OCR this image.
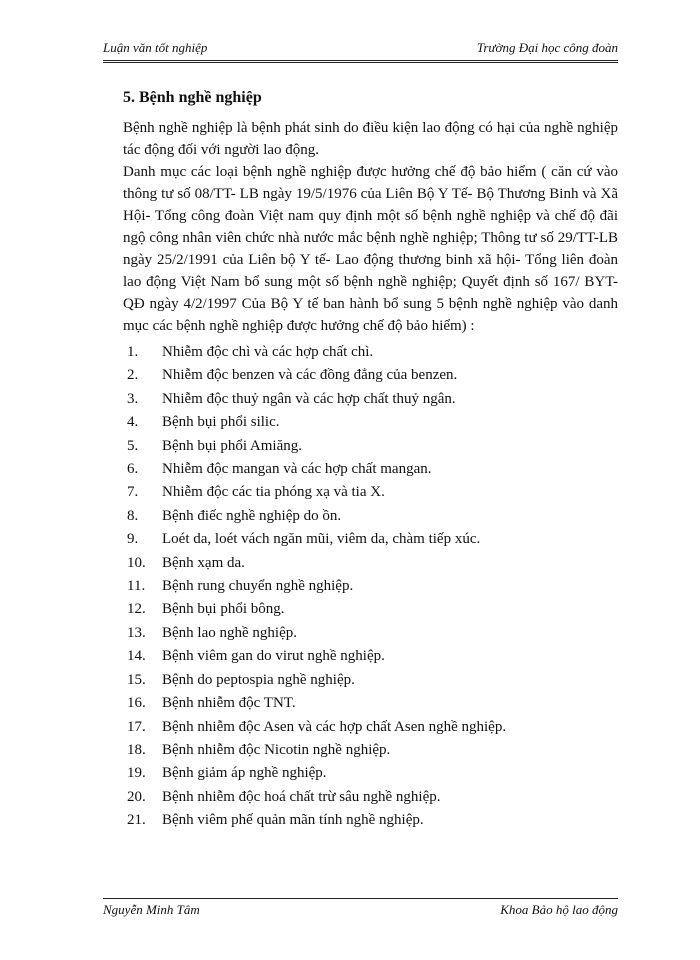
Luận văn tốt nghiệp	Trường Đại học công đoàn
5. Bệnh nghề nghiệp

Bệnh nghề nghiệp là bệnh phát sinh do điều kiện lao động có hại của nghề nghiệp tác động đối với người lao động.

Danh mục các loại bệnh nghề nghiệp được hưởng chế độ bảo hiểm ( căn cứ vào thông tư số 08/TT- LB ngày 19/5/1976 của Liên Bộ Y Tế- Bộ Thương Binh và Xã Hội- Tổng công đoàn Việt nam quy định một số bệnh nghề nghiệp và chế độ đãi ngộ công nhân viên chức nhà nước mắc bệnh nghề nghiệp; Thông tư số 29/TT-LB ngày 25/2/1991 của Liên bộ Y tế- Lao động thương binh xã hội- Tổng liên đoàn lao động Việt Nam bổ sung một số bệnh nghề nghiệp; Quyết định số 167/ BYT-QĐ ngày 4/2/1997 Của Bộ Y tế ban hành bổ sung 5 bệnh nghề nghiệp vào danh mục các bệnh nghề nghiệp được hưởng chế độ bảo hiểm) :

1.	Nhiễm độc chì và các hợp chất chì.
2.	Nhiễm độc benzen và các đồng đẳng của benzen.
3.	Nhiễm độc thuỷ ngân và các hợp chất thuỷ ngân.
4.	Bệnh bụi phổi silic.
5.	Bệnh bụi phổi Amiăng.
6.	Nhiễm độc mangan và các hợp chất mangan.
7.	Nhiễm độc các tia phóng xạ và tia X.
8.	Bệnh điếc nghề nghiệp do ồn.
9.	Loét da, loét vách ngăn mũi, viêm da, chàm tiếp xúc.
10.	Bệnh xạm da.
11.	Bệnh rung chuyển nghề nghiệp.
12.	Bệnh bụi phổi bông.
13.	Bệnh lao nghề nghiệp.
14.	Bệnh viêm gan do virut nghề nghiệp.
15.	Bệnh do peptospia nghề nghiệp.
16.	Bệnh nhiễm độc TNT.
17.	Bệnh nhiễm độc Asen và các hợp chất Asen nghề nghiệp.
18.	Bệnh nhiễm độc Nicotin nghề nghiệp.
19.	Bệnh giảm áp nghề nghiệp.
20.	Bệnh nhiễm độc hoá chất trừ sâu nghề nghiệp.
21.	Bệnh viêm phế quản mãn tính nghề nghiệp.
Nguyễn Minh Tâm	Khoa Bảo hộ lao động
